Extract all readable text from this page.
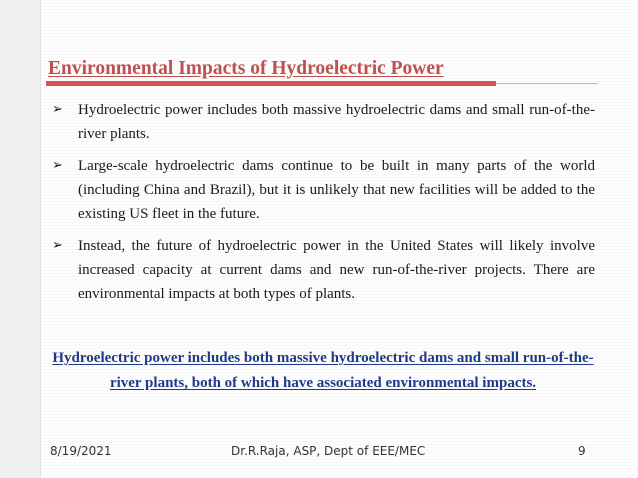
Environmental Impacts of Hydroelectric Power
➢ Hydroelectric power includes both massive hydroelectric dams and small run-of-the-river plants.
➢ Large-scale hydroelectric dams continue to be built in many parts of the world (including China and Brazil), but it is unlikely that new facilities will be added to the existing US fleet in the future.
➢ Instead, the future of hydroelectric power in the United States will likely involve increased capacity at current dams and new run-of-the-river projects. There are environmental impacts at both types of plants.
Hydroelectric power includes both massive hydroelectric dams and small run-of-the-river plants, both of which have associated environmental impacts.
8/19/2021	Dr.R.Raja, ASP, Dept of EEE/MEC	9
